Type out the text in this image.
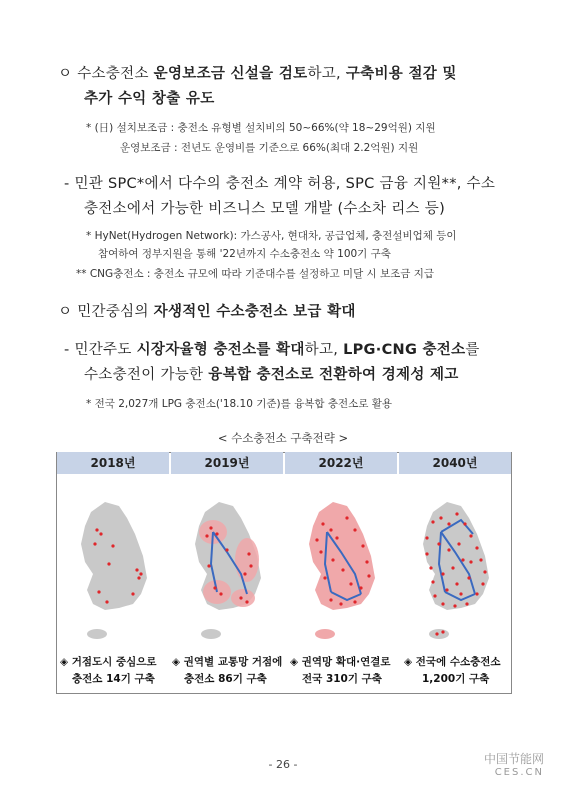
ㅇ 수소충전소 운영보조금 신설을 검토하고, 구축비용 절감 및
추가 수익 창출 유도
* (日) 설치보조금 : 충전소 유형별 설치비의 50~66%(약 18~29억원) 지원
운영보조금 : 전년도 운영비를 기준으로 66%(최대 2.2억원) 지원
- 민관 SPC*에서 다수의 충전소 계약 허용, SPC 금융 지원**, 수소
충전소에서 가능한 비즈니스 모델 개발 (수소차 리스 등)
* HyNet(Hydrogen Network): 가스공사, 현대차, 공급업체, 충전설비업체 등이
참여하여 정부지원을 통해 '22년까지 수소충전소 약 100기 구축
** CNG충전소 : 충전소 규모에 따라 기준대수를 설정하고 미달 시 보조금 지급
ㅇ 민간중심의 자생적인 수소충전소 보급 확대
- 민간주도 시장자율형 충전소를 확대하고, LPG·CNG 충전소를
수소충전이 가능한 융복합 충전소로 전환하여 경제성 제고
* 전국 2,027개 LPG 충전소('18.10 기준)를 융복합 충전소로 활용
< 수소충전소 구축전략 >
2018년	2019년	2022년	2040년
◈ 거점도시 중심으로
충전소 14기 구축
◈ 권역별 교통망 거점에
충전소 86기 구축
◈ 권역망 확대·연결로
전국 310기 구축
◈ 전국에 수소충전소
1,200기 구축
- 26 -	中国节能网
CES.CN
